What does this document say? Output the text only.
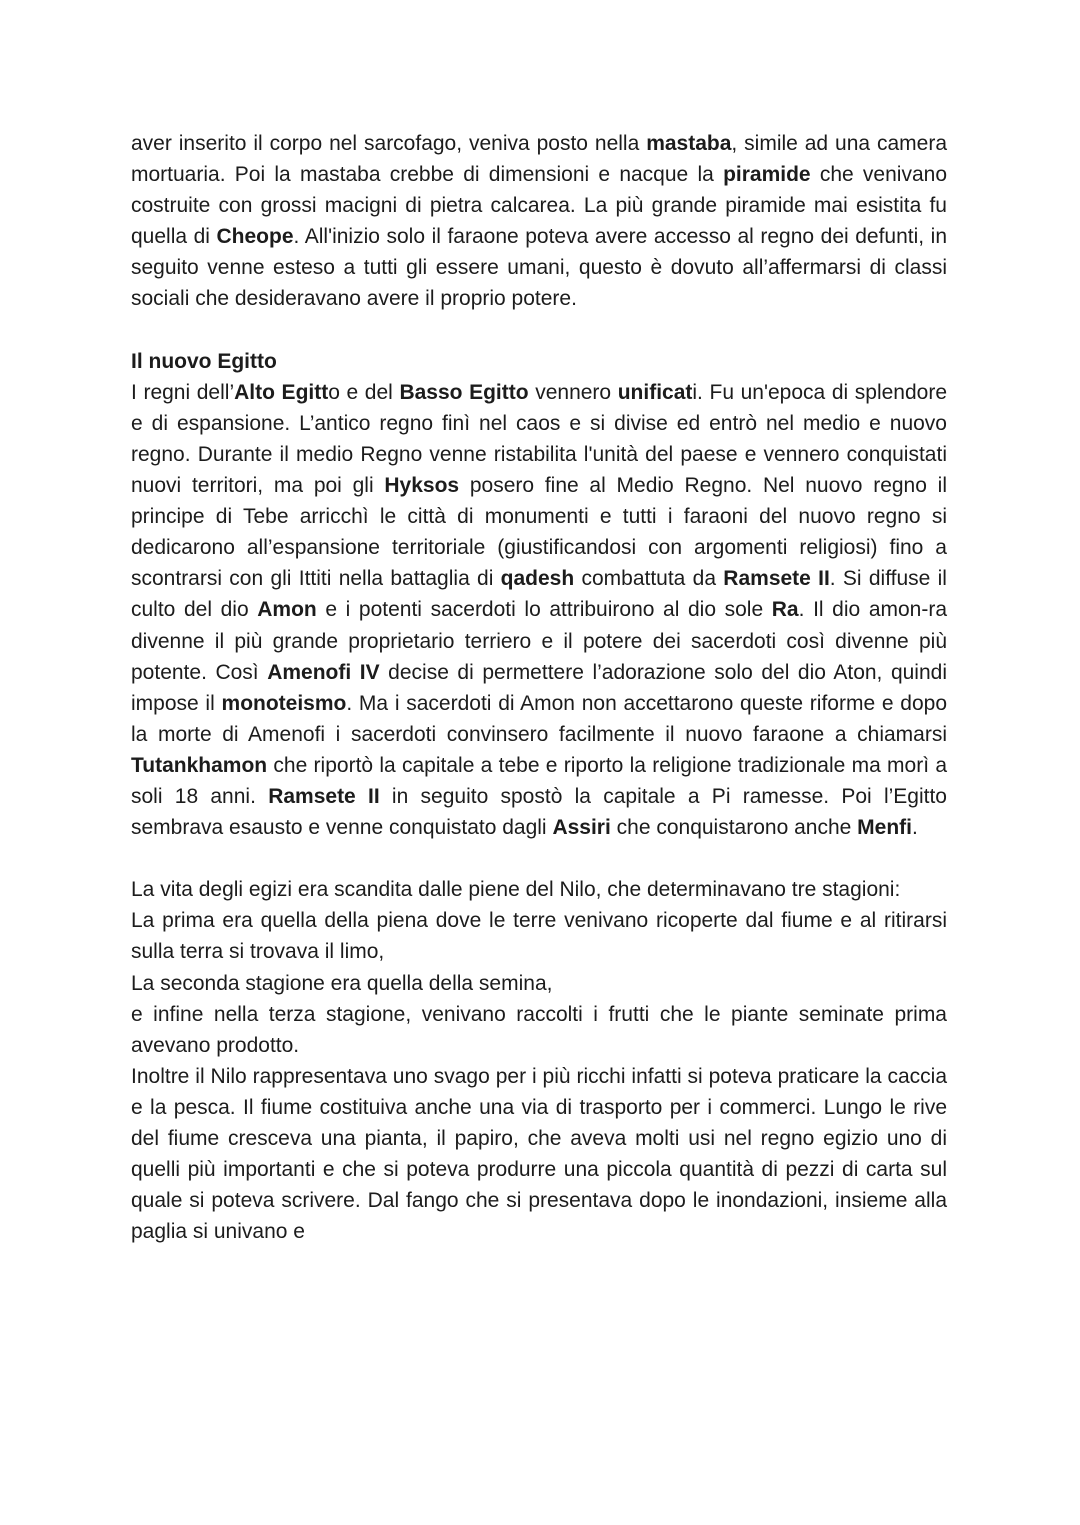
aver inserito il corpo nel sarcofago, veniva posto nella mastaba, simile ad una camera mortuaria. Poi la mastaba crebbe di dimensioni e nacque la piramide che venivano costruite con grossi macigni di pietra calcarea. La più grande piramide mai esistita fu quella di Cheope. All'inizio solo il faraone poteva avere accesso al regno dei defunti, in seguito venne esteso a tutti gli essere umani, questo è dovuto all’affermarsi di classi sociali che desideravano avere il proprio potere.

Il nuovo Egitto

I regni dell’Alto Egitto e del Basso Egitto vennero unificati. Fu un'epoca di splendore e di espansione. L’antico regno finì nel caos e si divise ed entrò nel medio e nuovo regno. Durante il medio Regno venne ristabilita l'unità del paese e vennero conquistati nuovi territori, ma poi gli Hyksos posero fine al Medio Regno. Nel nuovo regno il principe di Tebe arricchì le città di monumenti e tutti i faraoni del nuovo regno si dedicarono all’espansione territoriale (giustificandosi con argomenti religiosi) fino a scontrarsi con gli Ittiti nella battaglia di qadesh combattuta da Ramsete II. Si diffuse il culto del dio Amon e i potenti sacerdoti lo attribuirono al dio sole Ra. Il dio amon-ra divenne il più grande proprietario terriero e il potere dei sacerdoti così divenne più potente. Così Amenofi IV decise di permettere l’adorazione solo del dio Aton, quindi impose il monoteismo. Ma i sacerdoti di Amon non accettarono queste riforme e dopo la morte di Amenofi i sacerdoti convinsero facilmente il nuovo faraone a chiamarsi Tutankhamon che riportò la capitale a tebe e riporto la religione tradizionale ma morì a soli 18 anni. Ramsete II in seguito spostò la capitale a Pi ramesse. Poi l’Egitto sembrava esausto e venne conquistato dagli Assiri che conquistarono anche Menfi.

La vita degli egizi era scandita dalle piene del Nilo, che determinavano tre stagioni:

La prima era quella della piena dove le terre venivano ricoperte dal fiume e al ritirarsi sulla terra si trovava il limo,

La seconda stagione era quella della semina,

e infine nella terza stagione, venivano raccolti i frutti che le piante seminate prima avevano prodotto.

Inoltre il Nilo rappresentava uno svago per i più ricchi infatti si poteva praticare la caccia e la pesca. Il fiume costituiva anche una via di trasporto per i commerci. Lungo le rive del fiume cresceva una pianta, il papiro, che aveva molti usi nel regno egizio uno di quelli più importanti e che si poteva produrre una piccola quantità di pezzi di carta sul quale si poteva scrivere. Dal fango che si presentava dopo le inondazioni, insieme alla paglia si univano e
